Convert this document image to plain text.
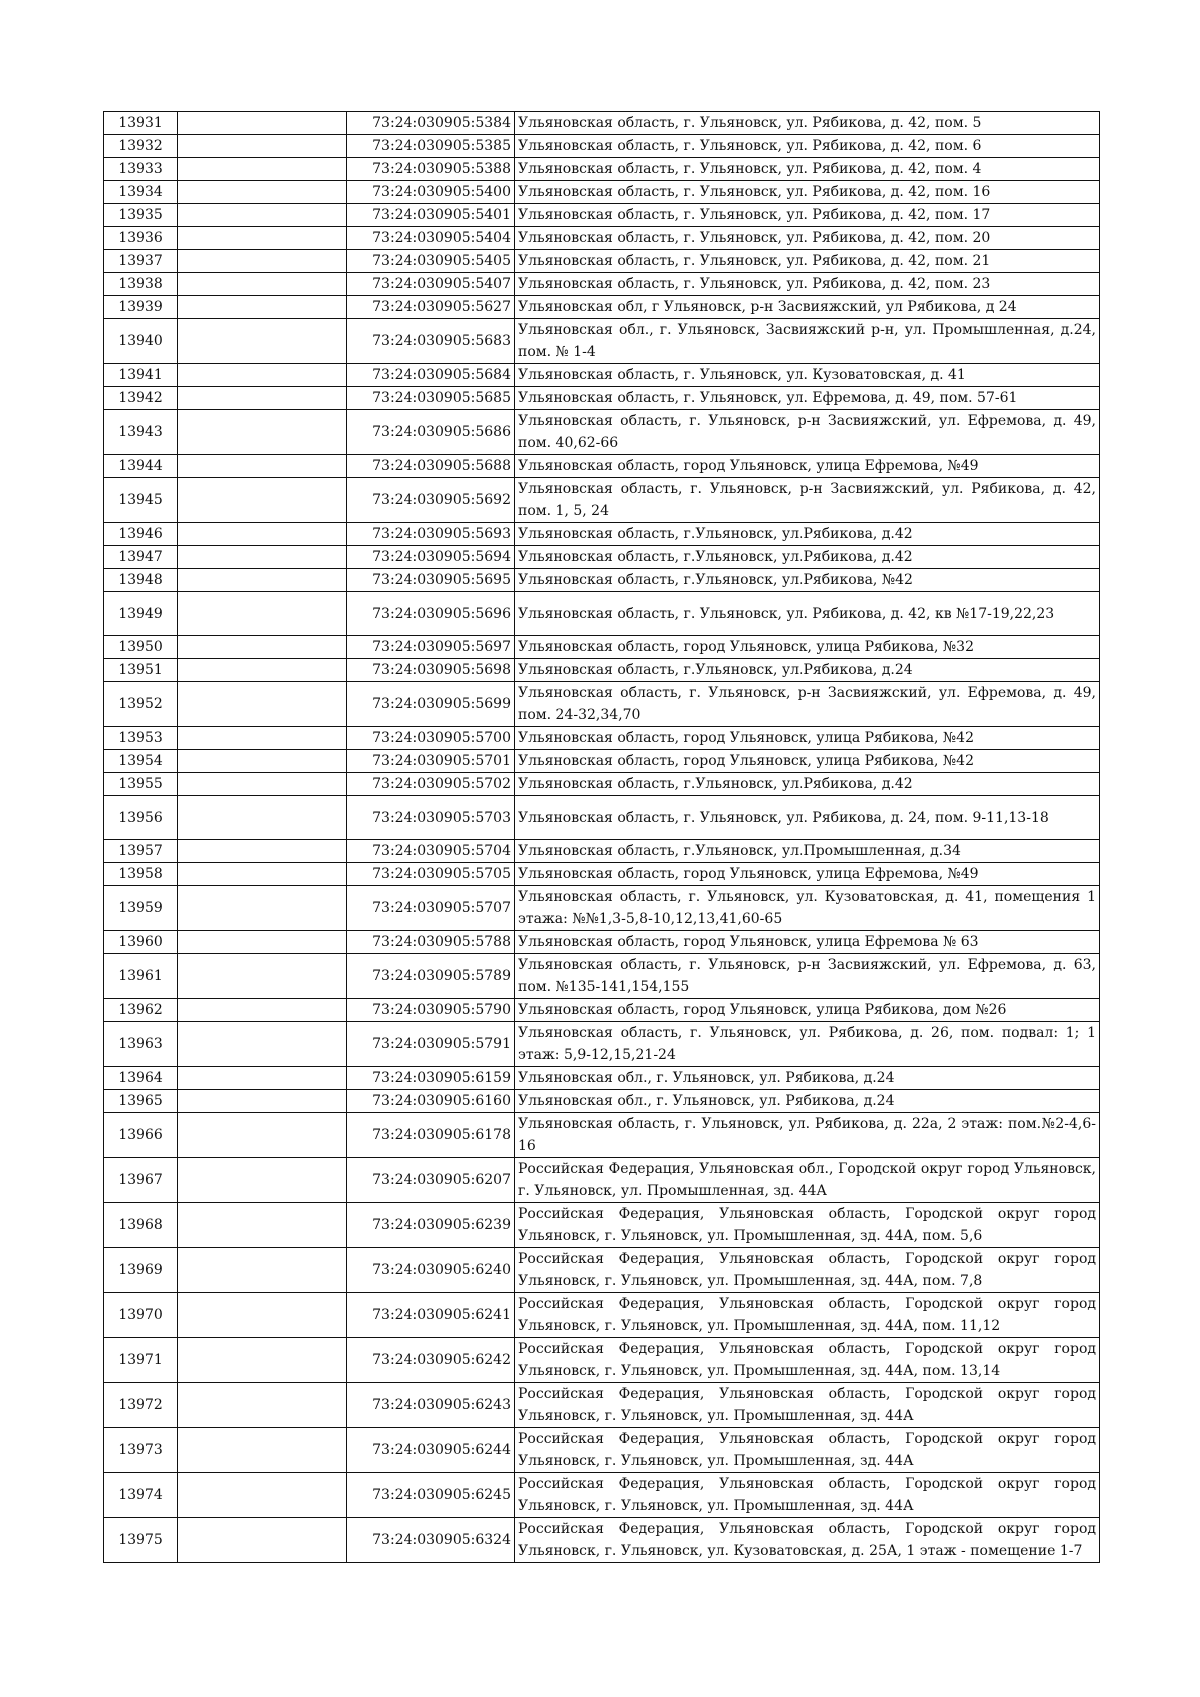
13931		73:24:030905:5384	Ульяновская область, г. Ульяновск, ул. Рябикова, д. 42, пом. 5
13932		73:24:030905:5385	Ульяновская область, г. Ульяновск, ул. Рябикова, д. 42, пом. 6
13933		73:24:030905:5388	Ульяновская область, г. Ульяновск, ул. Рябикова, д. 42, пом. 4
13934		73:24:030905:5400	Ульяновская область, г. Ульяновск, ул. Рябикова, д. 42, пом. 16
13935		73:24:030905:5401	Ульяновская область, г. Ульяновск, ул. Рябикова, д. 42, пом. 17
13936		73:24:030905:5404	Ульяновская область, г. Ульяновск, ул. Рябикова, д. 42, пом. 20
13937		73:24:030905:5405	Ульяновская область, г. Ульяновск, ул. Рябикова, д. 42, пом. 21
13938		73:24:030905:5407	Ульяновская область, г. Ульяновск, ул. Рябикова, д. 42, пом. 23
13939		73:24:030905:5627	Ульяновская обл, г Ульяновск, р-н Засвияжский, ул Рябикова, д 24
13940		73:24:030905:5683	Ульяновская обл., г. Ульяновск, Засвияжский р-н, ул. Промышленная, д.24, пом. № 1-4
13941		73:24:030905:5684	Ульяновская область, г. Ульяновск, ул. Кузоватовская, д. 41
13942		73:24:030905:5685	Ульяновская область, г. Ульяновск, ул. Ефремова, д. 49, пом. 57-61
13943		73:24:030905:5686	Ульяновская область, г. Ульяновск, р-н Засвияжский, ул. Ефремова, д. 49, пом. 40,62-66
13944		73:24:030905:5688	Ульяновская область, город Ульяновск, улица Ефремова, №49
13945		73:24:030905:5692	Ульяновская область, г. Ульяновск, р-н Засвияжский, ул. Рябикова, д. 42, пом. 1, 5, 24
13946		73:24:030905:5693	Ульяновская область, г.Ульяновск, ул.Рябикова, д.42
13947		73:24:030905:5694	Ульяновская область, г.Ульяновск, ул.Рябикова, д.42
13948		73:24:030905:5695	Ульяновская область, г.Ульяновск, ул.Рябикова, №42
13949		73:24:030905:5696	Ульяновская область, г. Ульяновск, ул. Рябикова, д. 42, кв №17-19,22,23
13950		73:24:030905:5697	Ульяновская область, город Ульяновск, улица Рябикова, №32
13951		73:24:030905:5698	Ульяновская область, г.Ульяновск, ул.Рябикова, д.24
13952		73:24:030905:5699	Ульяновская область, г. Ульяновск, р-н Засвияжский, ул. Ефремова, д. 49, пом. 24-32,34,70
13953		73:24:030905:5700	Ульяновская область, город Ульяновск, улица Рябикова, №42
13954		73:24:030905:5701	Ульяновская область, город Ульяновск, улица Рябикова, №42
13955		73:24:030905:5702	Ульяновская область, г.Ульяновск, ул.Рябикова, д.42
13956		73:24:030905:5703	Ульяновская область, г. Ульяновск, ул. Рябикова, д. 24, пом. 9-11,13-18
13957		73:24:030905:5704	Ульяновская область, г.Ульяновск, ул.Промышленная, д.34
13958		73:24:030905:5705	Ульяновская область, город Ульяновск, улица Ефремова, №49
13959		73:24:030905:5707	Ульяновская область, г. Ульяновск, ул. Кузоватовская, д. 41, помещения 1 этажа: №№1,3-5,8-10,12,13,41,60-65
13960		73:24:030905:5788	Ульяновская область, город Ульяновск, улица Ефремова № 63
13961		73:24:030905:5789	Ульяновская область, г. Ульяновск, р-н Засвияжский, ул. Ефремова, д. 63, пом. №135-141,154,155
13962		73:24:030905:5790	Ульяновская область, город Ульяновск, улица Рябикова, дом №26
13963		73:24:030905:5791	Ульяновская область, г. Ульяновск, ул. Рябикова, д. 26, пом. подвал: 1; 1 этаж: 5,9-12,15,21-24
13964		73:24:030905:6159	Ульяновская обл., г. Ульяновск, ул. Рябикова, д.24
13965		73:24:030905:6160	Ульяновская обл., г. Ульяновск, ул. Рябикова, д.24
13966		73:24:030905:6178	Ульяновская область, г. Ульяновск, ул. Рябикова, д. 22а, 2 этаж: пом.№2-4,6-16
13967		73:24:030905:6207	Российская Федерация, Ульяновская обл., Городской округ город Ульяновск, г. Ульяновск, ул. Промышленная, зд. 44А
13968		73:24:030905:6239	Российская Федерация, Ульяновская область, Городской округ город Ульяновск, г. Ульяновск, ул. Промышленная, зд. 44А, пом. 5,6
13969		73:24:030905:6240	Российская Федерация, Ульяновская область, Городской округ город Ульяновск, г. Ульяновск, ул. Промышленная, зд. 44А, пом. 7,8
13970		73:24:030905:6241	Российская Федерация, Ульяновская область, Городской округ город Ульяновск, г. Ульяновск, ул. Промышленная, зд. 44А, пом. 11,12
13971		73:24:030905:6242	Российская Федерация, Ульяновская область, Городской округ город Ульяновск, г. Ульяновск, ул. Промышленная, зд. 44А, пом. 13,14
13972		73:24:030905:6243	Российская Федерация, Ульяновская область, Городской округ город Ульяновск, г. Ульяновск, ул. Промышленная, зд. 44А
13973		73:24:030905:6244	Российская Федерация, Ульяновская область, Городской округ город Ульяновск, г. Ульяновск, ул. Промышленная, зд. 44А
13974		73:24:030905:6245	Российская Федерация, Ульяновская область, Городской округ город Ульяновск, г. Ульяновск, ул. Промышленная, зд. 44А
13975		73:24:030905:6324	Российская Федерация, Ульяновская область, Городской округ город Ульяновск, г. Ульяновск, ул. Кузоватовская, д. 25А, 1 этаж - помещение 1-7
